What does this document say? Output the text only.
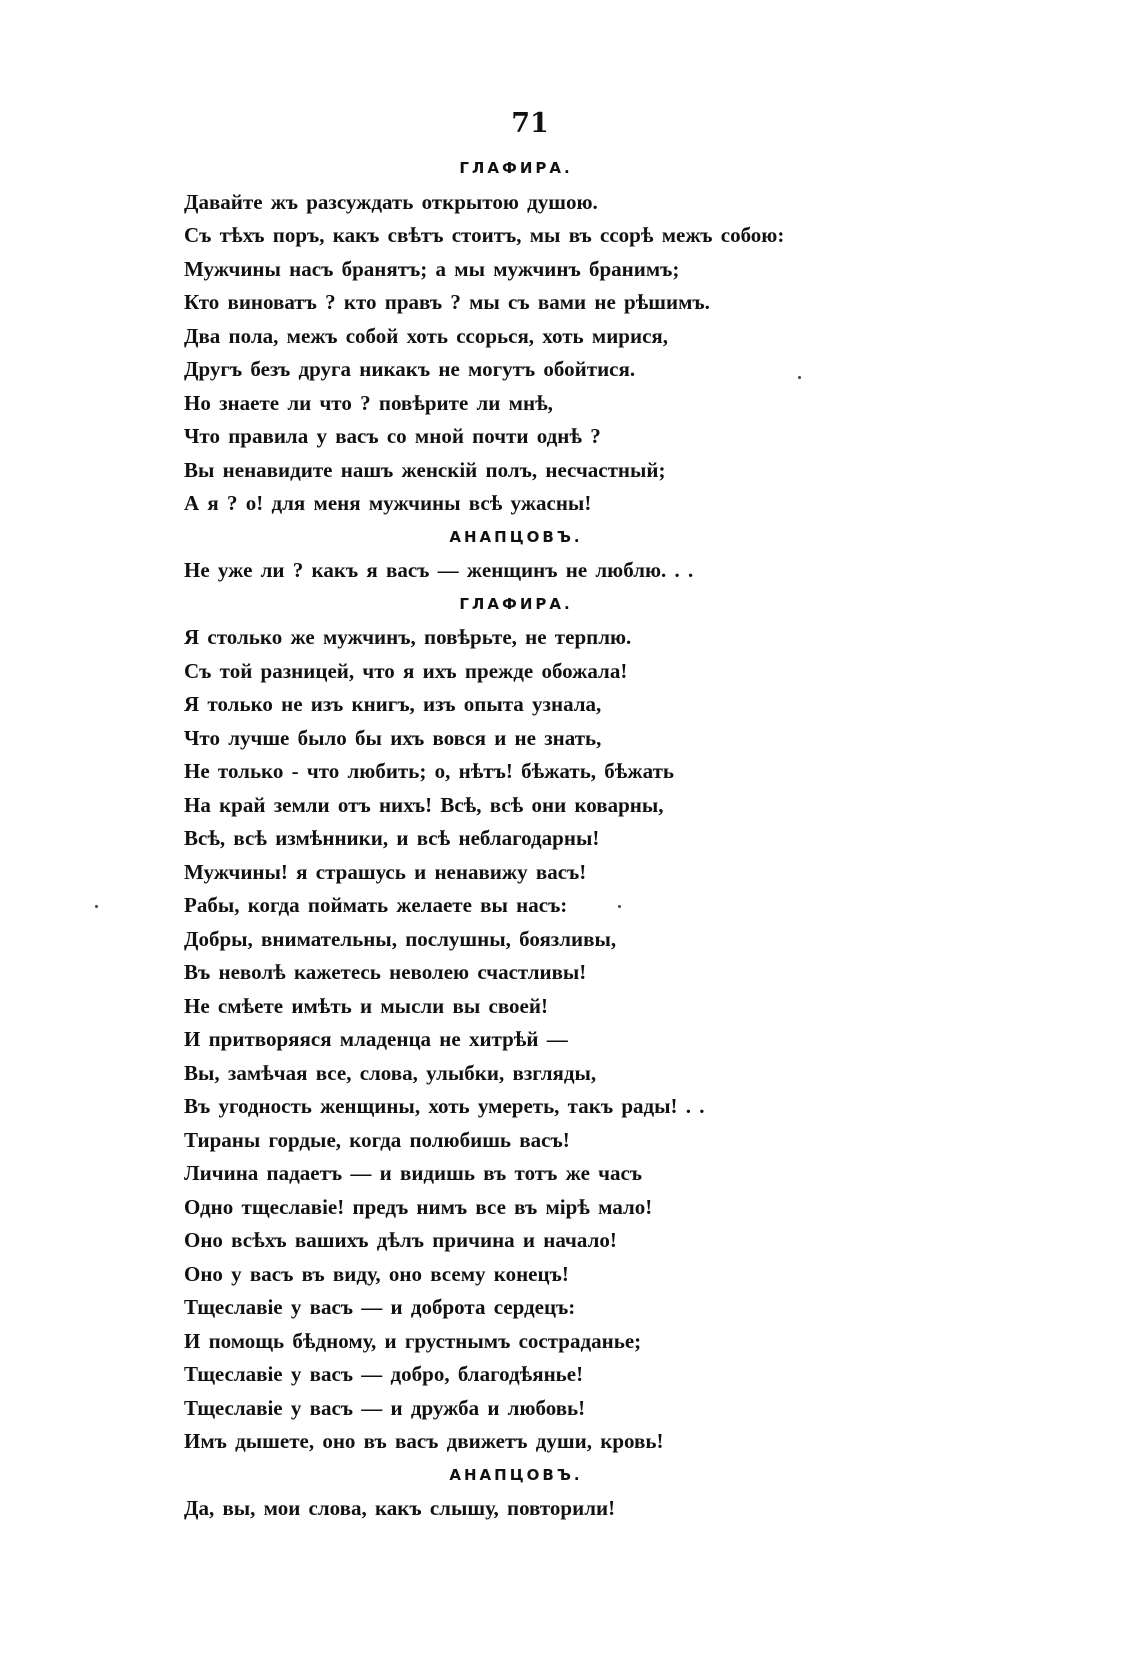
71
ГЛАФИРА.
Давайте жъ разсуждать открытою душою.
Съ тѣхъ поръ, какъ свѣтъ стоитъ, мы въ ссорѣ межъ собою:
Мужчины насъ бранятъ; а мы мужчинъ бранимъ;
Кто виноватъ ? кто правъ ? мы съ вами не рѣшимъ.
Два пола, межъ собой хоть ссорься, хоть мирися,
Другъ безъ друга никакъ не могутъ обойтися.
Но знаете ли что ? повѣрите ли мнѣ,
Что правила у васъ со мной почти однѣ ?
Вы ненавидите нашъ женскій полъ, несчастный;
А я ? о! для меня мужчины всѣ ужасны!
АНАПЦОВЪ.
Не уже ли ? какъ я васъ — женщинъ не люблю. . .
ГЛАФИРА.
Я столько же мужчинъ, повѣрьте, не терплю.
Съ той разницей, что я ихъ прежде обожала!
Я только не изъ книгъ, изъ опыта узнала,
Что лучше было бы ихъ вовся и не знать,
Не только - что любить; о, нѣтъ! бѣжать, бѣжать
На край земли отъ нихъ! Всѣ, всѣ они коварны,
Всѣ, всѣ измѣнники, и всѣ неблагодарны!
Мужчины! я страшусь и ненавижу васъ!
Рабы, когда поймать желаете вы насъ:
Добры, внимательны, послушны, боязливы,
Въ неволѣ кажетесь неволею счастливы!
Не смѣете имѣть и мысли вы своей!
И притворяяся младенца не хитрѣй —
Вы, замѣчая все, слова, улыбки, взгляды,
Въ угодность женщины, хоть умереть, такъ рады! . .
Тираны гордые, когда полюбишь васъ!
Личина падаетъ — и видишь въ тотъ же часъ
Одно тщеславіе! предъ нимъ все въ мірѣ мало!
Оно всѣхъ вашихъ дѣлъ причина и начало!
Оно у васъ въ виду, оно всему конецъ!
Тщеславіе у васъ — и доброта сердецъ:
И помощь бѣдному, и грустнымъ состраданье;
Тщеславіе у васъ — добро, благодѣянье!
Тщеславіе у васъ — и дружба и любовь!
Имъ дышете, оно въ васъ движетъ души, кровь!
АНАПЦОВЪ.
Да, вы, мои слова, какъ слышу, повторили!
